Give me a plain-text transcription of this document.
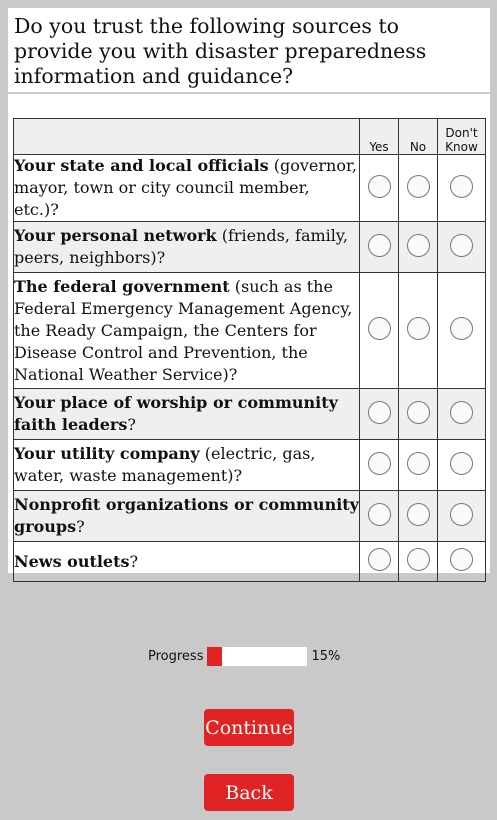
Do you trust the following sources to provide you with disaster preparedness information and guidance?
	Yes	No	Don't
Know
Your state and local officials (governor, mayor, town or city council member, etc.)?			
Your personal network (friends, family, peers, neighbors)?			
The federal government (such as the Federal Emergency Management Agency, the Ready Campaign, the Centers for Disease Control and Prevention, the National Weather Service)?			
Your place of worship or community faith leaders?			
Your utility company (electric, gas, water, waste management)?			
Nonprofit organizations or community groups?			
News outlets?			
Progress	15%
Continue
Back
